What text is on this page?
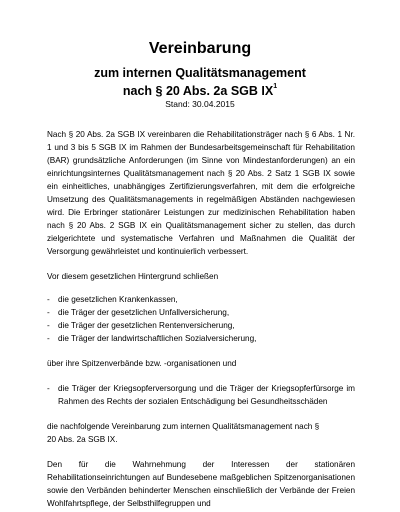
Vereinbarung
zum internen Qualitätsmanagement
nach § 20 Abs. 2a SGB $IX^1$
Stand: 30.04.2015

Nach § 20 Abs. 2a SGB IX vereinbaren die Rehabilitationsträger nach § 6 Abs. 1 Nr. 1 und 3 bis 5 SGB IX im Rahmen der Bundesarbeitsgemeinschaft für Rehabilitation (BAR) grundsätzliche Anforderungen (im Sinne von Mindestanforderungen) an ein einrichtungsinternes Qualitätsmanagement nach § 20 Abs. 2 Satz 1 SGB IX sowie ein einheitliches, unabhängiges Zertifizierungsverfahren, mit dem die erfolgreiche Umsetzung des Qualitätsmanagements in regelmäßigen Abständen nachgewiesen wird. Die Erbringer stationärer Leistungen zur medizinischen Rehabilitation haben nach § 20 Abs. 2 SGB IX ein Qualitätsmanagement sicher zu stellen, das durch zielgerichtete und systematische Verfahren und Maßnahmen die Qualität der Versorgung gewährleistet und kontinuierlich verbessert.

Vor diesem gesetzlichen Hintergrund schließen

-	die gesetzlichen Krankenkassen,
-	die Träger der gesetzlichen Unfallversicherung,
-	die Träger der gesetzlichen Rentenversicherung,
-	die Träger der landwirtschaftlichen Sozialversicherung,

über ihre Spitzenverbände bzw. -organisationen und

-	die Träger der Kriegsopferversorgung und die Träger der Kriegsopferfürsorge im Rahmen des Rechts der sozialen Entschädigung bei Gesundheitsschäden

die nachfolgende Vereinbarung zum internen Qualitätsmanagement nach § 20 Abs. 2a SGB IX.

Den für die Wahrnehmung der Interessen der stationären Rehabilitationseinrichtungen auf Bundesebene maßgeblichen Spitzenorganisationen sowie den Verbänden behinderter Menschen einschließlich der Verbände der Freien Wohlfahrtspflege, der Selbsthilfegruppen und
